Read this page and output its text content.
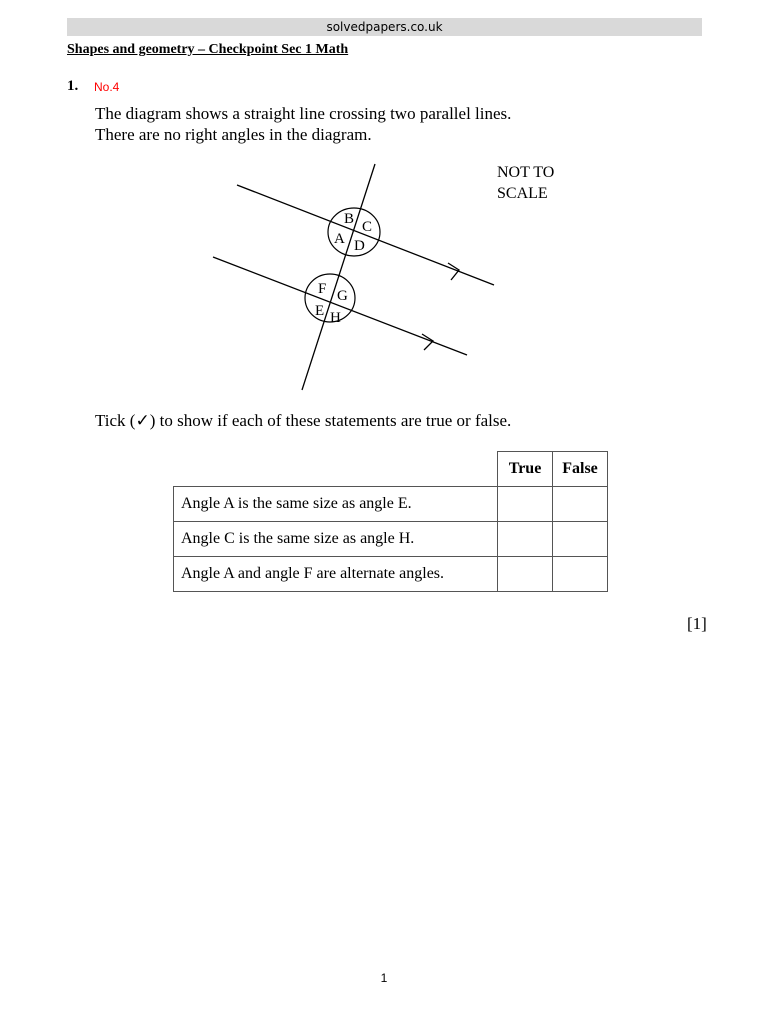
solvedpapers.co.uk
Shapes and geometry – Checkpoint Sec 1 Math
1. No.4
The diagram shows a straight line crossing two parallel lines.
There are no right angles in the diagram.
NOT TO SCALE
B C
A D
F G
E H
Tick (✓) to show if each of these statements are true or false.
	True	False
Angle A is the same size as angle E.		
Angle C is the same size as angle H.		
Angle A and angle F are alternate angles.		
[1]
1
